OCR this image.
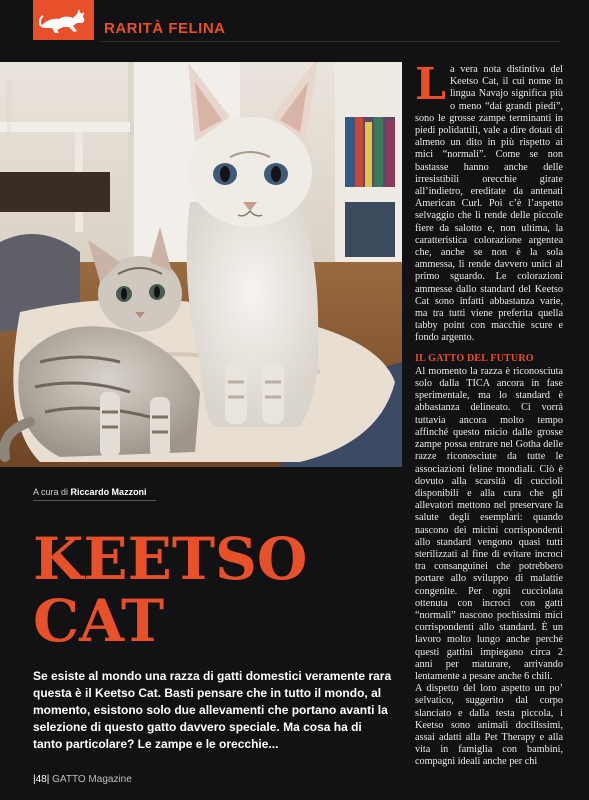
RARITÀ FELINA
©keetsocats.com
A cura di Riccardo Mazzoni
KEETSO
CAT
Se esiste al mondo una razza di gatti domestici veramente rara questa è il Keetso Cat. Basti pensare che in tutto il mondo, al momento, esistono solo due allevamenti che portano avanti la selezione di questo gatto davvero speciale. Ma cosa ha di tanto particolare? Le zampe e le orecchie...
|48| GATTO Magazine

La vera nota distintiva del Keetso Cat, il cui nome in lingua Navajo significa più o meno “dai grandi piedi”, sono le grosse zampe terminanti in piedi polidattili, vale a dire dotati di almeno un dito in più rispetto ai mici “normali”. Come se non bastasse hanno anche delle irresistibili orecchie girate all’indietro, ereditate da antenati American Curl. Poi c’è l’aspetto selvaggio che li rende delle piccole fiere da salotto e, non ultima, la caratteristica colorazione argentea che, anche se non è la sola ammessa, li rende davvero unici al primo sguardo. Le colorazioni ammesse dallo standard del Keetso Cat sono infatti abbastanza varie, ma tra tutti viene preferita quella tabby point con macchie scure e fondo argento.

IL GATTO DEL FUTURO

Al momento la razza è riconosciuta solo dalla TICA ancora in fase sperimentale, ma lo standard è abbastanza delineato. Ci vorrà tuttavia ancora molto tempo affinché questo micio dalle grosse zampe possa entrare nel Gotha delle razze riconosciute da tutte le associazioni feline mondiali. Ciò è dovuto alla scarsità di cuccioli disponibili e alla cura che gli allevatori mettono nel preservare la salute degli esemplari: quando nascono dei micini corrispondenti allo standard vengono quasi tutti sterilizzati al fine di evitare incroci tra consanguinei che potrebbero portare allo sviluppo di malattie congenite. Per ogni cucciolata ottenuta con incroci con gatti “normali” nascono pochissimi mici corrispondenti allo standard. È un lavoro molto lungo anche perché questi gattini impiegano circa 2 anni per maturare, arrivando lentamente a pesare anche 6 chili.

A dispetto del loro aspetto un po’ selvatico, suggerito dal corpo slanciato e dalla testa piccola, i Keetso sono animali docilissimi, assai adatti alla Pet Therapy e alla vita in famiglia con bambini, compagni ideali anche per chi
